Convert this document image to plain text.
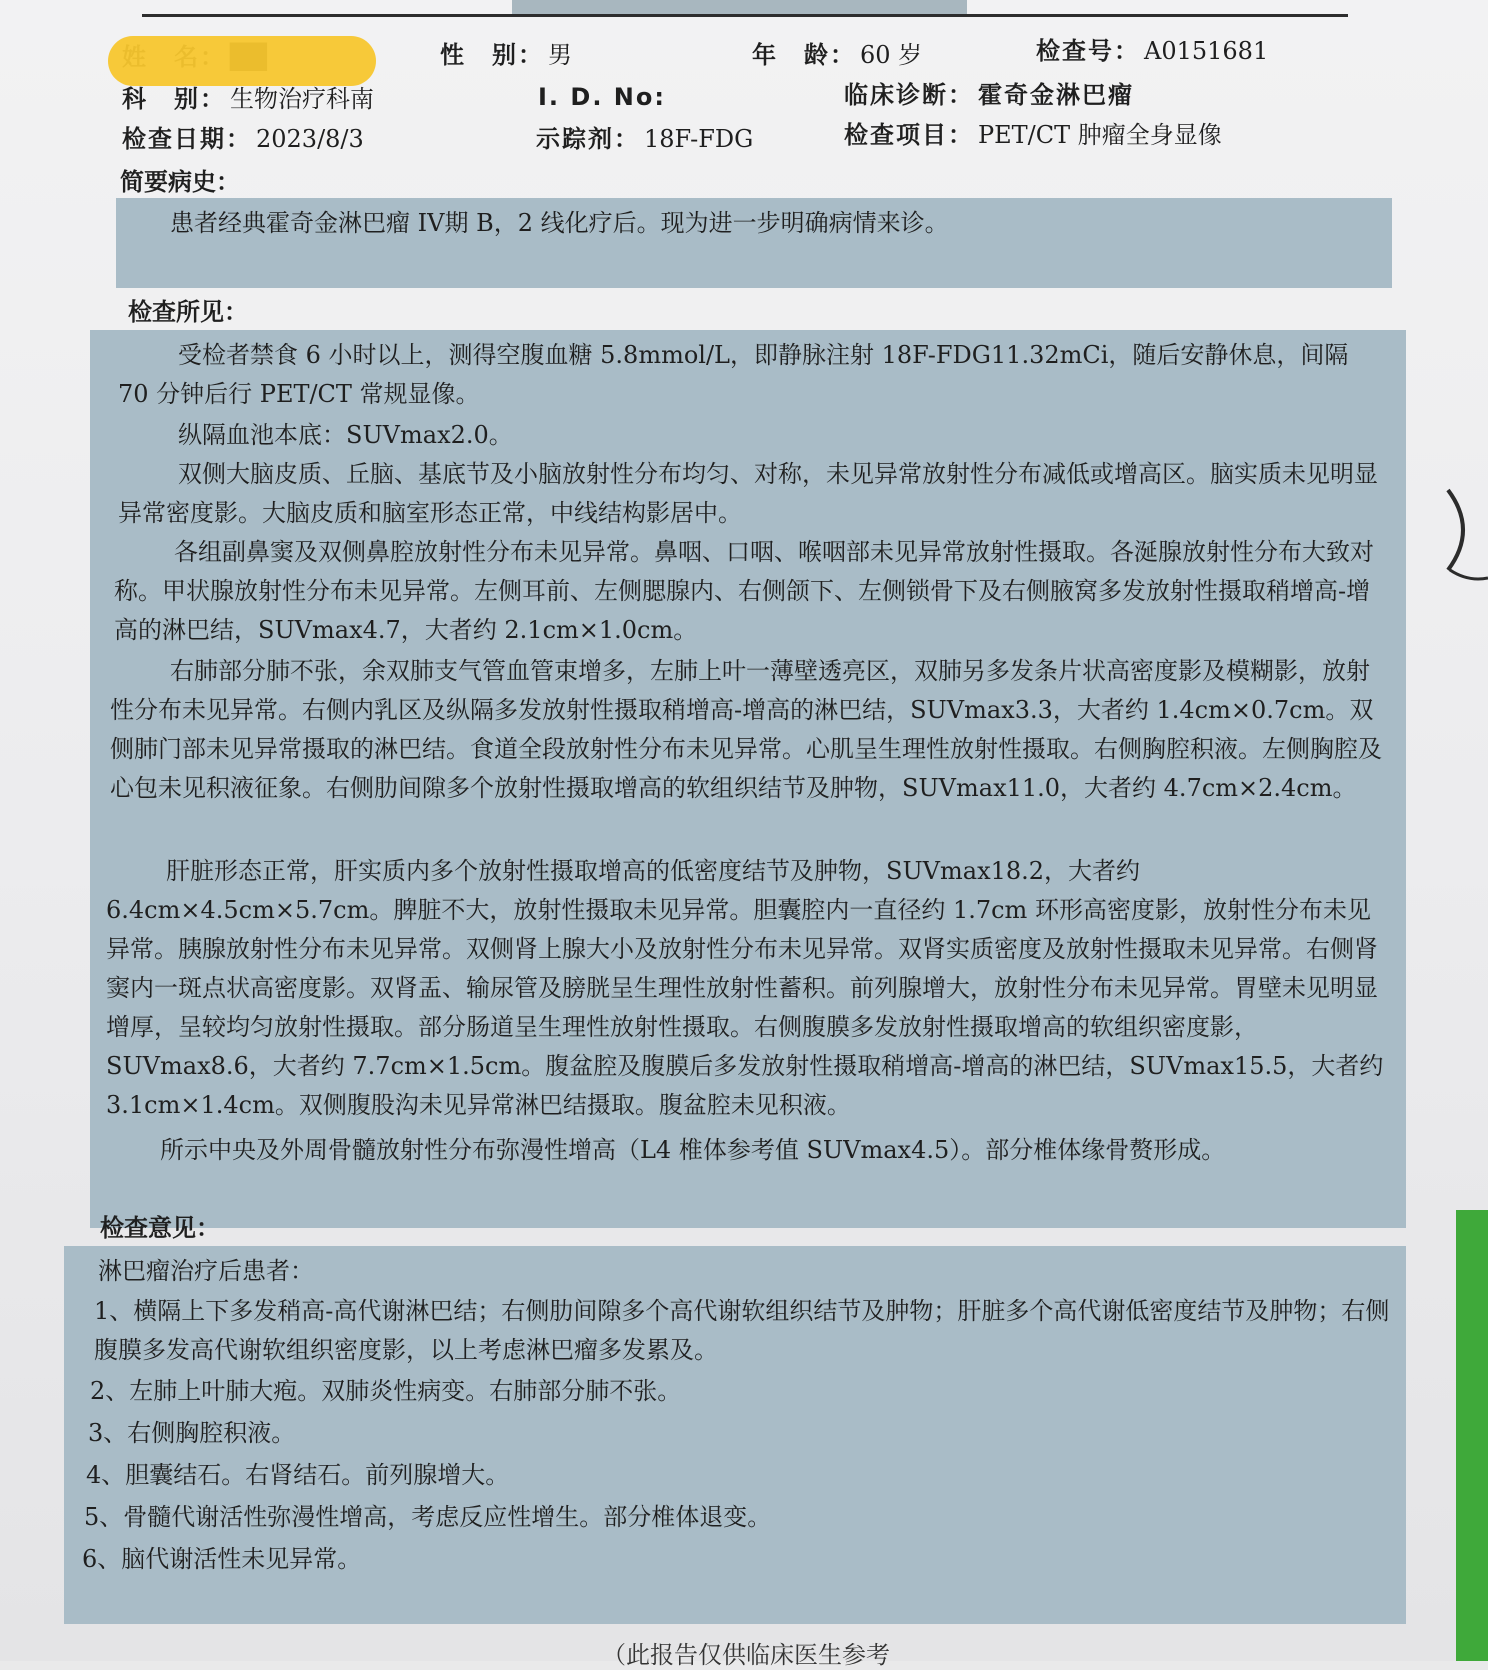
性　别： 男	年　龄： 60 岁	检查号： A0151681
科　别： 生物治疗科南	I. D. No:	临床诊断： 霍奇金淋巴瘤
检查日期： 2023/8/3	示踪剂： 18F-FDG	检查项目： PET/CT 肿瘤全身显像
简要病史：
患者经典霍奇金淋巴瘤 IV期 B，2 线化疗后。现为进一步明确病情来诊。
检查所见：
受检者禁食 6 小时以上，测得空腹血糖 5.8mmol/L，即静脉注射 18F-FDG11.32mCi，随后安静休息，间隔 70 分钟后行 PET/CT 常规显像。
纵隔血池本底：SUVmax2.0。
双侧大脑皮质、丘脑、基底节及小脑放射性分布均匀、对称，未见异常放射性分布减低或增高区。脑实质未见明显异常密度影。大脑皮质和脑室形态正常，中线结构影居中。
各组副鼻窦及双侧鼻腔放射性分布未见异常。鼻咽、口咽、喉咽部未见异常放射性摄取。各涎腺放射性分布大致对称。甲状腺放射性分布未见异常。左侧耳前、左侧腮腺内、右侧颌下、左侧锁骨下及右侧腋窝多发放射性摄取稍增高-增高的淋巴结，SUVmax4.7，大者约 2.1cm×1.0cm。
右肺部分肺不张，余双肺支气管血管束增多，左肺上叶一薄壁透亮区，双肺另多发条片状高密度影及模糊影，放射性分布未见异常。右侧内乳区及纵隔多发放射性摄取稍增高-增高的淋巴结，SUVmax3.3，大者约 1.4cm×0.7cm。双侧肺门部未见异常摄取的淋巴结。食道全段放射性分布未见异常。心肌呈生理性放射性摄取。右侧胸腔积液。左侧胸腔及心包未见积液征象。右侧肋间隙多个放射性摄取增高的软组织结节及肿物，SUVmax11.0，大者约 4.7cm×2.4cm。
肝脏形态正常，肝实质内多个放射性摄取增高的低密度结节及肿物，SUVmax18.2，大者约 6.4cm×4.5cm×5.7cm。脾脏不大，放射性摄取未见异常。胆囊腔内一直径约 1.7cm 环形高密度影，放射性分布未见异常。胰腺放射性分布未见异常。双侧肾上腺大小及放射性分布未见异常。双肾实质密度及放射性摄取未见异常。右侧肾窦内一斑点状高密度影。双肾盂、输尿管及膀胱呈生理性放射性蓄积。前列腺增大，放射性分布未见异常。胃壁未见明显增厚，呈较均匀放射性摄取。部分肠道呈生理性放射性摄取。右侧腹膜多发放射性摄取增高的软组织密度影，SUVmax8.6，大者约 7.7cm×1.5cm。腹盆腔及腹膜后多发放射性摄取稍增高-增高的淋巴结，SUVmax15.5，大者约 3.1cm×1.4cm。双侧腹股沟未见异常淋巴结摄取。腹盆腔未见积液。
所示中央及外周骨髓放射性分布弥漫性增高（L4 椎体参考值 SUVmax4.5）。部分椎体缘骨赘形成。
检查意见：
淋巴瘤治疗后患者：
1、横隔上下多发稍高-高代谢淋巴结；右侧肋间隙多个高代谢软组织结节及肿物；肝脏多个高代谢低密度结节及肿物；右侧腹膜多发高代谢软组织密度影，以上考虑淋巴瘤多发累及。
2、左肺上叶肺大疱。双肺炎性病变。右肺部分肺不张。
3、右侧胸腔积液。
4、胆囊结石。右肾结石。前列腺增大。
5、骨髓代谢活性弥漫性增高，考虑反应性增生。部分椎体退变。
6、脑代谢活性未见异常。
（此报告仅供临床医生参考
